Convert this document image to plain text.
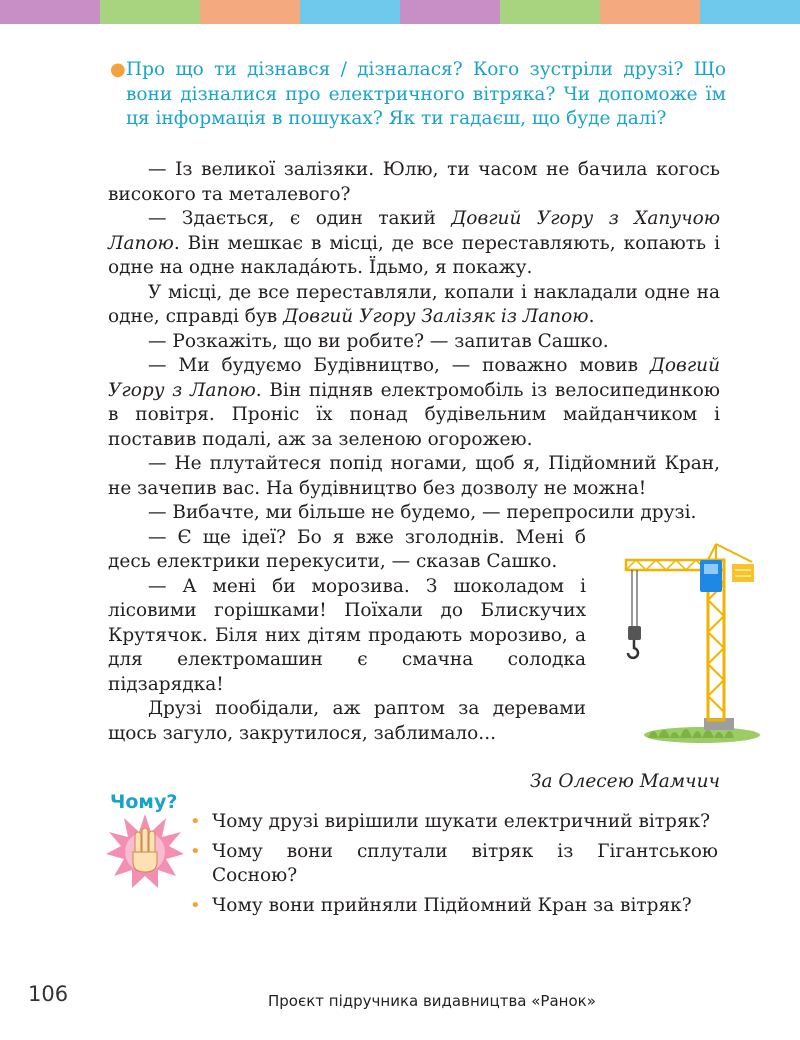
● Про що ти дізнався / дізналася? Кого зустріли друзі? Що вони дізналися про електричного вітряка? Чи допоможе їм ця інформація в пошуках? Як ти гадаєш, що буде далі?

— Із великої залізяки. Юлю, ти часом не бачила когось високого та металевого?

— Здається, є один такий Довгий Угору з Хапучою Лапою. Він мешкає в місці, де все переставляють, копають і одне на одне накладáють. Їдьмо, я покажу.

У місці, де все переставляли, копали і накладали одне на одне, справді був Довгий Угору Залізяк із Лапою.

— Розкажіть, що ви робите? — запитав Сашко.

— Ми будуємо Будівництво, — поважно мовив Довгий Угору з Лапою. Він підняв електромобіль із велосипединкою в повітря. Проніс їх понад будівельним майданчиком і поставив подалі, аж за зеленою огорожею.

— Не плутайтеся попід ногами, щоб я, Підйомний Кран, не зачепив вас. На будівництво без дозволу не можна!

— Вибачте, ми більше не будемо, — перепросили друзі.

— Є ще ідеї? Бо я вже зголоднів. Мені б десь електрики перекусити, — сказав Сашко.

— А мені би морозива. З шоколадом і лісовими горішками! Поїхали до Блискучих Крутячок. Біля них дітям продають морозиво, а для електромашин є смачна солодка підзарядка!

Друзі пообідали, аж раптом за деревами щось загуло, закрутилося, заблимало...

За Олесею Мамчич
Чому?
• Чому друзі вирішили шукати електричний вітряк?
• Чому вони сплутали вітряк із Гігантською Сосною?
• Чому вони прийняли Підйомний Кран за вітряк?
106	Проєкт підручника видавництва «Ранок»
